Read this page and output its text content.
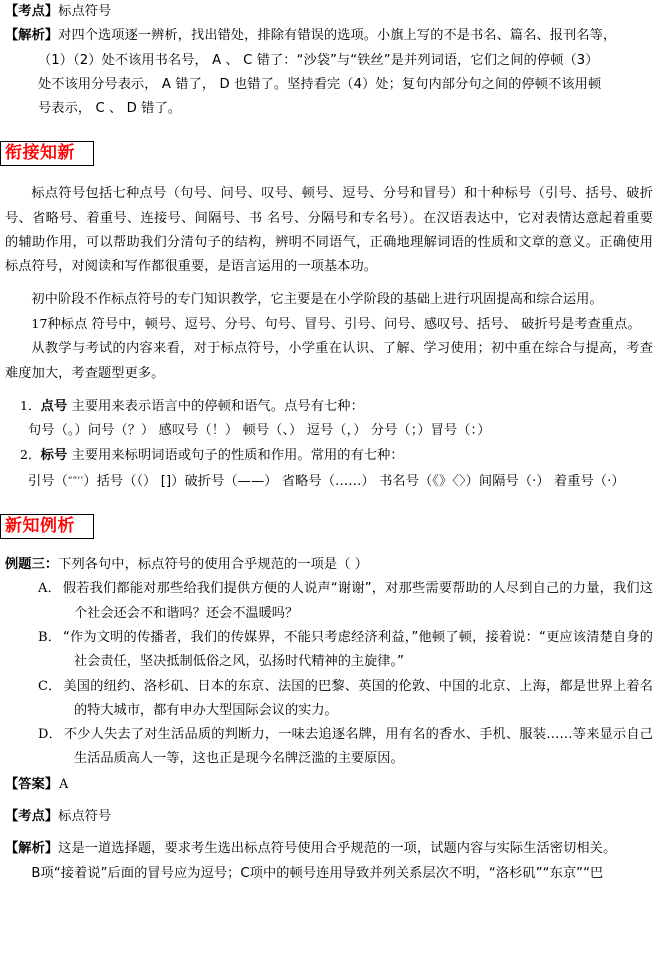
【考点】标点符号
【解析】对四个选项逐一辨析，找出错处，排除有错误的选项。小旗上写的不是书名、篇名、报刊名等，
（1）（2）处不该用书名号， A 、 C 错了：“沙袋”与“铁丝”是并列词语，它们之间的停顿（3）
处不该用分号表示， A 错了， D 也错了。坚持看完（4）处；复句内部分句之间的停顿不该用顿
号表示， C 、 D 错了。
衔接知新
标点符号包括七种点号（句号、问号、叹号、顿号、逗号、分号和冒号）和十种标号（引号、括号、破折号、省略号、着重号、连接号、间隔号、书 名号、分隔号和专名号）。在汉语表达中，它对表情达意起着重要 的辅助作用，可以帮助我们分清句子的结构，辨明不同语气，正确地理解词语的性质和文章的意义。正确使用标点符号，对阅读和写作都很重要，是语言运用的一项基本功。
初中阶段不作标点符号的专门知识教学，它主要是在小学阶段的基础上进行巩固提高和综合运用。
17种标点 符号中，顿号、逗号、分号、句号、冒号、引号、问号、感叹号、括号、 破折号是考查重点。
从教学与考试的内容来看，对于标点符号，小学重在认识、了解、学习使用；初中重在综合与提高，考查难度加大，考查题型更多。
1．点号 主要用来表示语言中的停顿和语气。点号有七种：
句号（。）问号（？） 感叹号（！） 顿号（、） 逗号（，） 分号（；）冒号（：）
2．标号 主要用来标明词语或句子的性质和作用。常用的有七种：
引号（“”‘’）括号（（） []）破折号（——） 省略号（……） 书名号（《》〈〉）间隔号（·） 着重号（·）
新知例析
例题三：下列各句中，标点符号的使用合乎规范的一项是（ ）
A． 假若我们都能对那些给我们提供方便的人说声“谢谢”，对那些需要帮助的人尽到自己的力量，我们这个社会还会不和谐吗？还会不温暖吗？
B． “作为文明的传播者，我们的传媒界，不能只考虑经济利益，”他顿了顿，接着说：“更应该清楚自身的社会责任，坚决抵制低俗之风，弘扬时代精神的主旋律。”
C． 美国的纽约、洛杉矶、日本的东京、法国的巴黎、英国的伦敦、中国的北京、上海，都是世界上着名的特大城市，都有申办大型国际会议的实力。
D． 不少人失去了对生活品质的判断力，一味去追逐名牌，用有名的香水、手机、服装……等来显示自己生活品质高人一等，这也正是现今名牌泛滥的主要原因。
【答案】A
【考点】标点符号
【解析】这是一道选择题，要求考生选出标点符号使用合乎规范的一项，试题内容与实际生活密切相关。
B项“接着说”后面的冒号应为逗号；C项中的顿号连用导致并列关系层次不明，“洛杉矶”“东京”“巴
